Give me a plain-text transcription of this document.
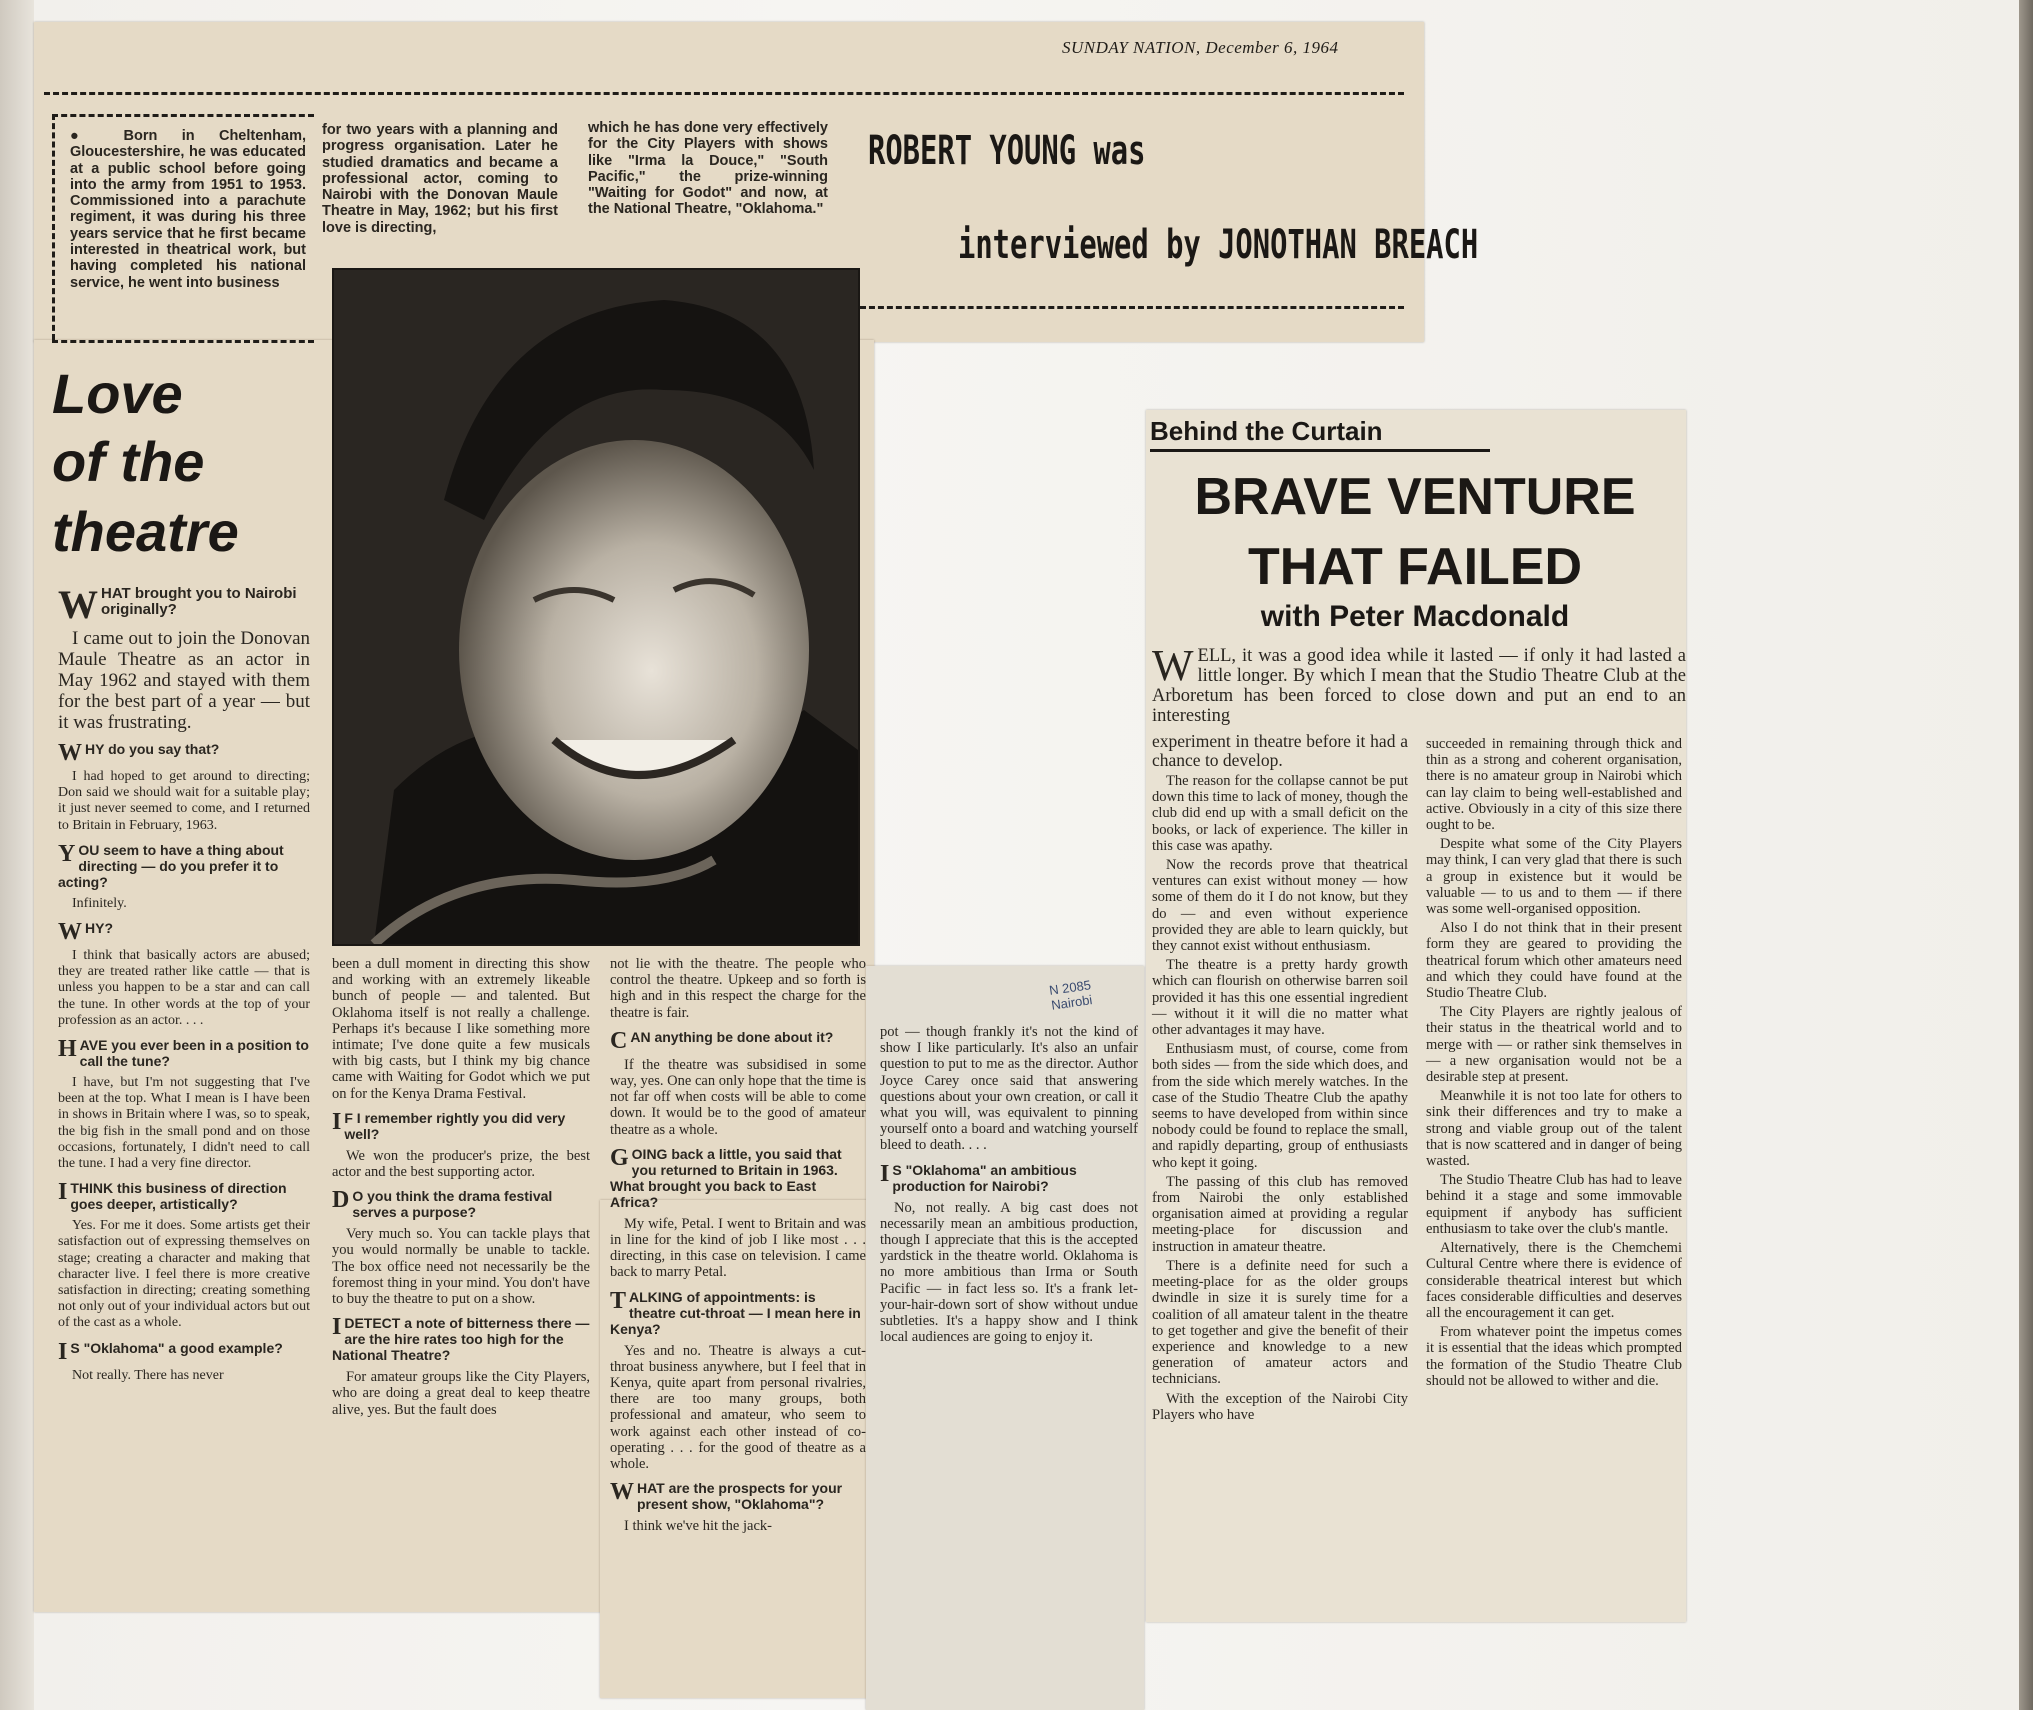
SUNDAY NATION, December 6, 1964
● Born in Cheltenham, Gloucestershire, he was educated at a public school before going into the army from 1951 to 1953. Commissioned into a parachute regiment, it was during his three years service that he first became interested in theatrical work, but having completed his national service, he went into business
for two years with a planning and progress organisation. Later he studied dramatics and became a professional actor, coming to Nairobi with the Donovan Maule Theatre in May, 1962; but his first love is directing,
which he has done very effectively for the City Players with shows like "Irma la Douce," "South Pacific," the prize-winning "Waiting for Godot" and now, at the National Theatre, "Oklahoma."
ROBERT YOUNG was
interviewed by JONOTHAN BREACH
Love
of the
theatre
W HAT brought you to Nairobi originally?

I came out to join the Donovan Maule Theatre as an actor in May 1962 and stayed with them for the best part of a year — but it was frustrating.

W HY do you say that?

I had hoped to get around to directing; Don said we should wait for a suitable play; it just never seemed to come, and I returned to Britain in February, 1963.

Y OU seem to have a thing about directing — do you prefer it to acting?

Infinitely.

W HY?

I think that basically actors are abused; they are treated rather like cattle — that is unless you happen to be a star and can call the tune. In other words at the top of your profession as an actor. . . .

H AVE you ever been in a position to call the tune?

I have, but I'm not suggesting that I've been at the top. What I mean is I have been in shows in Britain where I was, so to speak, the big fish in the small pond and on those occasions, fortunately, I didn't need to call the tune. I had a very fine director.

I THINK this business of direction goes deeper, artistically?

Yes. For me it does. Some artists get their satisfaction out of expressing themselves on stage; creating a character and making that character live. I feel there is more creative satisfaction in directing; creating something not only out of your individual actors but out of the cast as a whole.

I S "Oklahoma" a good example?

Not really. There has never

been a dull moment in directing this show and working with an extremely likeable bunch of people — and talented. But Oklahoma itself is not really a challenge. Perhaps it's because I like something more intimate; I've done quite a few musicals with big casts, but I think my big chance came with Waiting for Godot which we put on for the Kenya Drama Festival.

I F I remember rightly you did very well?

We won the producer's prize, the best actor and the best supporting actor.

D O you think the drama festival serves a purpose?

Very much so. You can tackle plays that you would normally be unable to tackle. The box office need not necessarily be the foremost thing in your mind. You don't have to buy the theatre to put on a show.

I DETECT a note of bitterness there — are the hire rates too high for the National Theatre?

For amateur groups like the City Players, who are doing a great deal to keep theatre alive, yes. But the fault does

not lie with the theatre. The people who control the theatre. Upkeep and so forth is high and in this respect the charge for the theatre is fair.

C AN anything be done about it?

If the theatre was subsidised in some way, yes. One can only hope that the time is not far off when costs will be able to come down. It would be to the good of amateur theatre as a whole.

G OING back a little, you said that you returned to Britain in 1963. What brought you back to East Africa?

My wife, Petal. I went to Britain and was in line for the kind of job I like most . . . directing, in this case on television. I came back to marry Petal.

T ALKING of appointments: is theatre cut-throat — I mean here in Kenya?

Yes and no. Theatre is always a cut-throat business anywhere, but I feel that in Kenya, quite apart from personal rivalries, there are too many groups, both professional and amateur, who seem to work against each other instead of co-operating . . . for the good of theatre as a whole.

W HAT are the prospects for your present show, "Oklahoma"?

I think we've hit the jack-

N 2085 Nairobi

pot — though frankly it's not the kind of show I like particularly. It's also an unfair question to put to me as the director. Author Joyce Carey once said that answering questions about your own creation, or call it what you will, was equivalent to pinning yourself onto a board and watching yourself bleed to death. . . .

I S "Oklahoma" an ambitious production for Nairobi?

No, not really. A big cast does not necessarily mean an ambitious production, though I appreciate that this is the accepted yardstick in the theatre world. Oklahoma is no more ambitious than Irma or South Pacific — in fact less so. It's a frank let-your-hair-down sort of show without undue subtleties. It's a happy show and I think local audiences are going to enjoy it.

Behind the Curtain
BRAVE VENTURE
THAT FAILED
with Peter Macdonald
W ELL, it was a good idea while it lasted — if only it had lasted a little longer. By which I mean that the Studio Theatre Club at the Arboretum has been forced to close down and put an end to an interesting

experiment in theatre before it had a chance to develop.

The reason for the collapse cannot be put down this time to lack of money, though the club did end up with a small deficit on the books, or lack of experience. The killer in this case was apathy.

Now the records prove that theatrical ventures can exist without money — how some of them do it I do not know, but they do — and even without experience provided they are able to learn quickly, but they cannot exist without enthusiasm.

The theatre is a pretty hardy growth which can flourish on otherwise barren soil provided it has this one essential ingredient — without it it will die no matter what other advantages it may have.

Enthusiasm must, of course, come from both sides — from the side which does, and from the side which merely watches. In the case of the Studio Theatre Club the apathy seems to have developed from within since nobody could be found to replace the small, and rapidly departing, group of enthusiasts who kept it going.

The passing of this club has removed from Nairobi the only established organisation aimed at providing a regular meeting-place for discussion and instruction in amateur theatre.

There is a definite need for such a meeting-place for as the older groups dwindle in size it is surely time for a coalition of all amateur talent in the theatre to get together and give the benefit of their experience and knowledge to a new generation of amateur actors and technicians.

With the exception of the Nairobi City Players who have

succeeded in remaining through thick and thin as a strong and coherent organisation, there is no amateur group in Nairobi which can lay claim to being well-established and active. Obviously in a city of this size there ought to be.

Despite what some of the City Players may think, I can very glad that there is such a group in existence but it would be valuable — to us and to them — if there was some well-organised opposition.

Also I do not think that in their present form they are geared to providing the theatrical forum which other amateurs need and which they could have found at the Studio Theatre Club.

The City Players are rightly jealous of their status in the theatrical world and to merge with — or rather sink themselves in — a new organisation would not be a desirable step at present.

Meanwhile it is not too late for others to sink their differences and try to make a strong and viable group out of the talent that is now scattered and in danger of being wasted.

The Studio Theatre Club has had to leave behind it a stage and some immovable equipment if anybody has sufficient enthusiasm to take over the club's mantle.

Alternatively, there is the Chemchemi Cultural Centre where there is evidence of considerable theatrical interest but which faces considerable difficulties and deserves all the encouragement it can get.

From whatever point the impetus comes it is essential that the ideas which prompted the formation of the Studio Theatre Club should not be allowed to wither and die.
